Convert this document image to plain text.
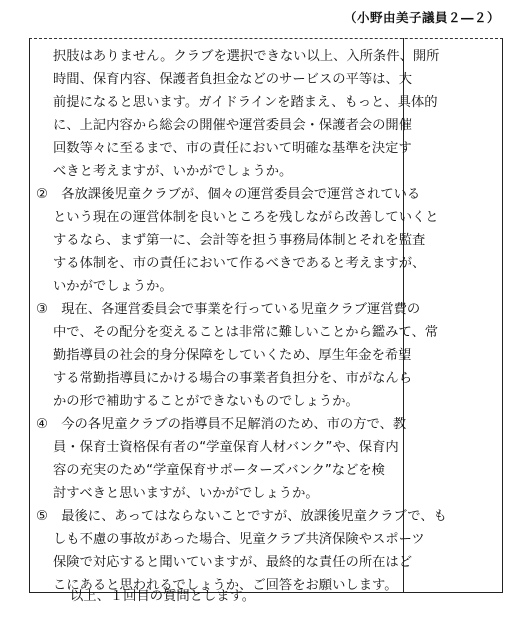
（小野由美子議員２―２）
択肢はありません。クラブを選択できない以上、入所条件、開所
時間、保育内容、保護者負担金などのサービスの平等は、大
前提になると思います。ガイドラインを踏まえ、もっと、具体的
に、上記内容から総会の開催や運営委員会・保護者会の開催
回数等々に至るまで、市の責任において明確な基準を決定す
べきと考えますが、いかがでしょうか。
②　各放課後児童クラブが、個々の運営委員会で運営されている
という現在の運営体制を良いところを残しながら改善していくと
するなら、まず第一に、会計等を担う事務局体制とそれを監査
する体制を、市の責任において作るべきであると考えますが、
いかがでしょうか。
③　現在、各運営委員会で事業を行っている児童クラブ運営費の
中で、その配分を変えることは非常に難しいことから鑑みて、常
勤指導員の社会的身分保障をしていくため、厚生年金を希望
する常勤指導員にかける場合の事業者負担分を、市がなんら
かの形で補助することができないものでしょうか。
④　今の各児童クラブの指導員不足解消のため、市の方で、教
員・保育士資格保有者の“学童保育人材バンク”や、保育内
容の充実のため“学童保育サポーターズバンク”などを検
討すべきと思いますが、いかがでしょうか。
⑤　最後に、あってはならないことですが、放課後児童クラブで、も
しも不慮の事故があった場合、児童クラブ共済保険やスポーツ
保険で対応すると聞いていますが、最終的な責任の所在はど
こにあると思われるでしょうか、ご回答をお願いします。
以上、１回目の質問とします。
